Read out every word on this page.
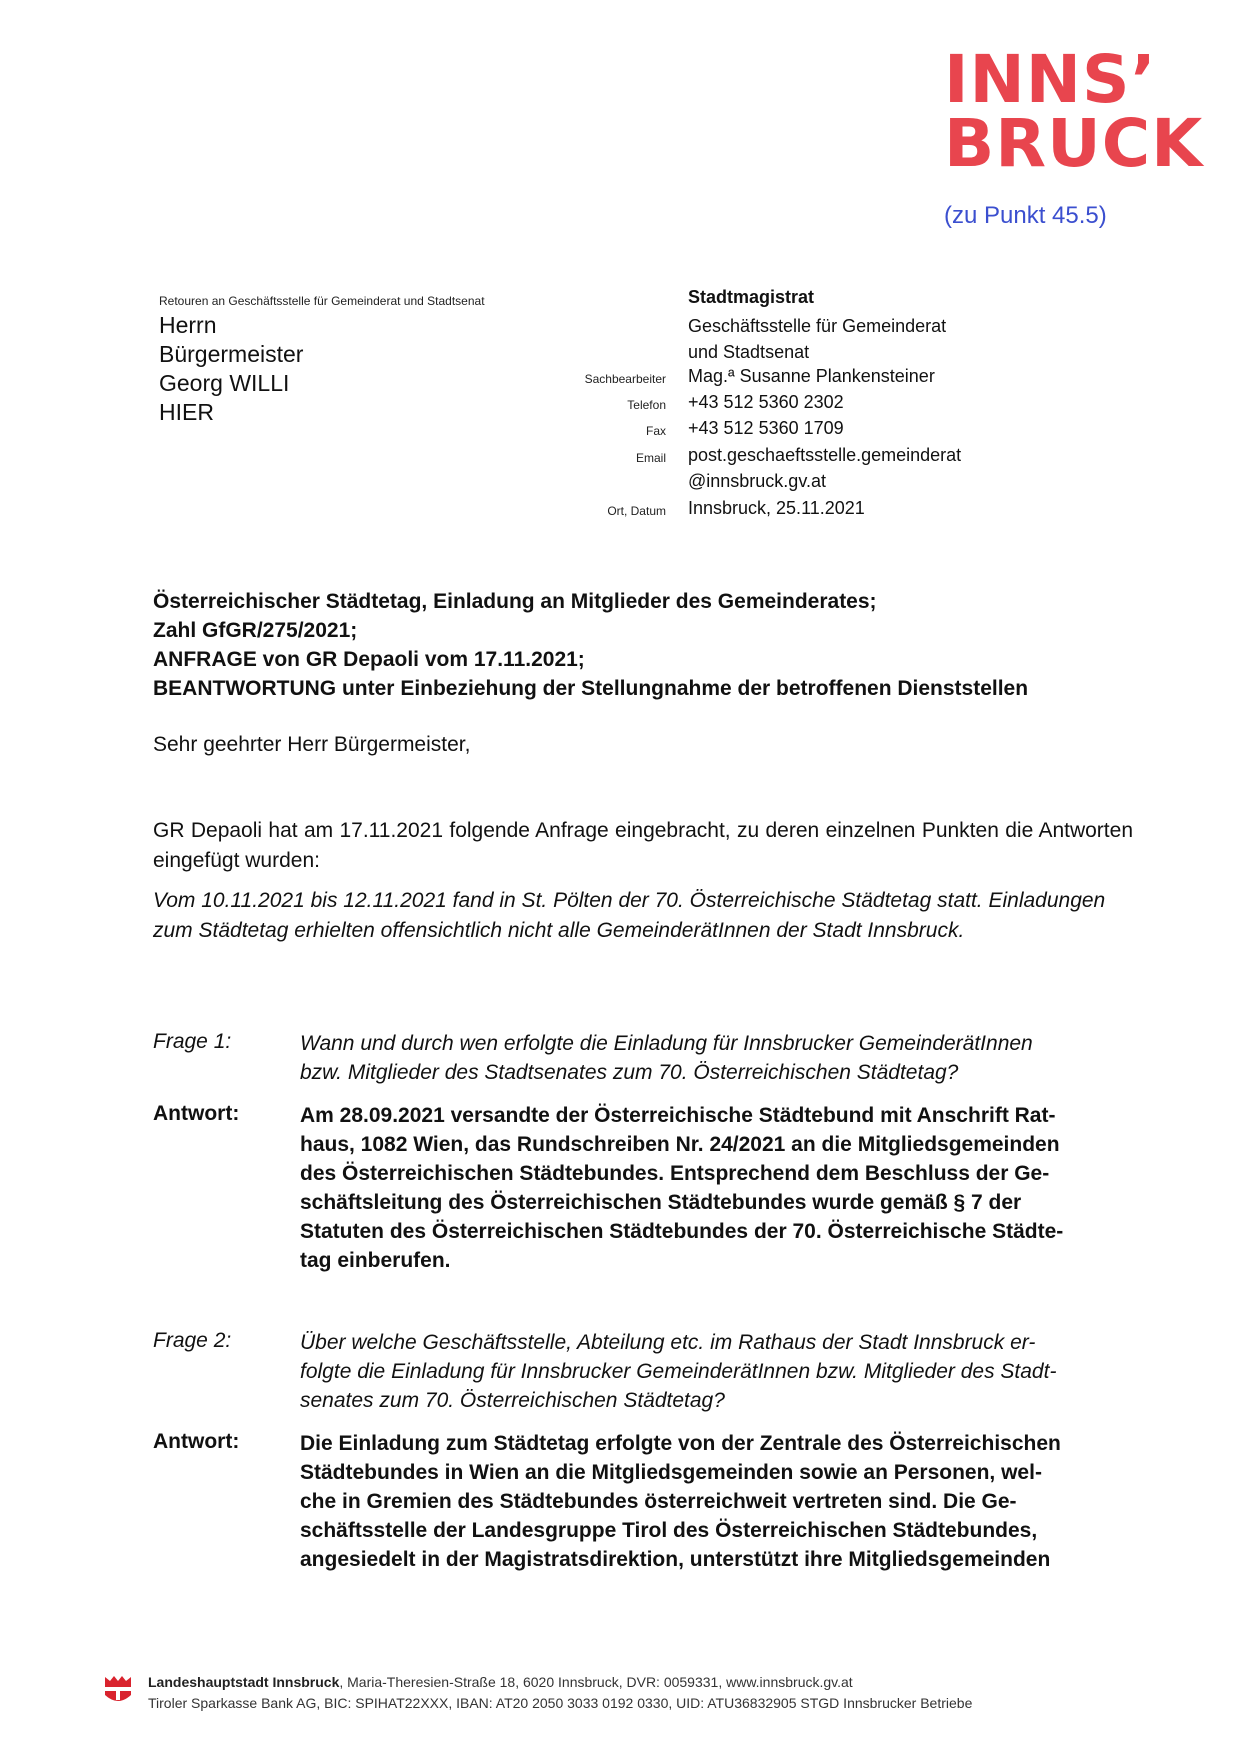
INNS’
BRUCK
(zu Punkt 45.5)
Retouren an Geschäftsstelle für Gemeinderat und Stadtsenat
Herrn
Bürgermeister
Georg WILLI
HIER
Stadtmagistrat
Geschäftsstelle für Gemeinderat
und Stadtsenat
Sachbearbeiter Mag.ª Susanne Plankensteiner
Telefon +43 512 5360 2302
Fax +43 512 5360 1709
Email post.geschaeftsstelle.gemeinderat
@innsbruck.gv.at
Ort, Datum Innsbruck, 25.11.2021
Österreichischer Städtetag, Einladung an Mitglieder des Gemeinderates;
Zahl GfGR/275/2021;
ANFRAGE von GR Depaoli vom 17.11.2021;
BEANTWORTUNG unter Einbeziehung der Stellungnahme der betroffenen Dienststellen
Sehr geehrter Herr Bürgermeister,
GR Depaoli hat am 17.11.2021 folgende Anfrage eingebracht, zu deren einzelnen Punkten die Antworten eingefügt wurden:
Vom 10.11.2021 bis 12.11.2021 fand in St. Pölten der 70. Österreichische Städtetag statt. Einladungen zum Städtetag erhielten offensichtlich nicht alle GemeinderätInnen der Stadt Innsbruck.
Frage 1:	Wann und durch wen erfolgte die Einladung für Innsbrucker GemeinderätInnen
bzw. Mitglieder des Stadtsenates zum 70. Österreichischen Städtetag?
Antwort:	Am 28.09.2021 versandte der Österreichische Städtebund mit Anschrift Rat-
haus, 1082 Wien, das Rundschreiben Nr. 24/2021 an die Mitgliedsgemeinden
des Österreichischen Städtebundes. Entsprechend dem Beschluss der Ge-
schäftsleitung des Österreichischen Städtebundes wurde gemäß § 7 der
Statuten des Österreichischen Städtebundes der 70. Österreichische Städte-
tag einberufen.
Frage 2:	Über welche Geschäftsstelle, Abteilung etc. im Rathaus der Stadt Innsbruck er-
folgte die Einladung für Innsbrucker GemeinderätInnen bzw. Mitglieder des Stadt-
senates zum 70. Österreichischen Städtetag?
Antwort:	Die Einladung zum Städtetag erfolgte von der Zentrale des Österreichischen
Städtebundes in Wien an die Mitgliedsgemeinden sowie an Personen, wel-
che in Gremien des Städtebundes österreichweit vertreten sind. Die Ge-
schäftsstelle der Landesgruppe Tirol des Österreichischen Städtebundes,
angesiedelt in der Magistratsdirektion, unterstützt ihre Mitgliedsgemeinden
Landeshauptstadt Innsbruck, Maria-Theresien-Straße 18, 6020 Innsbruck, DVR: 0059331, www.innsbruck.gv.at
Tiroler Sparkasse Bank AG, BIC: SPIHAT22XXX, IBAN: AT20 2050 3033 0192 0330, UID: ATU36832905 STGD Innsbrucker Betriebe
